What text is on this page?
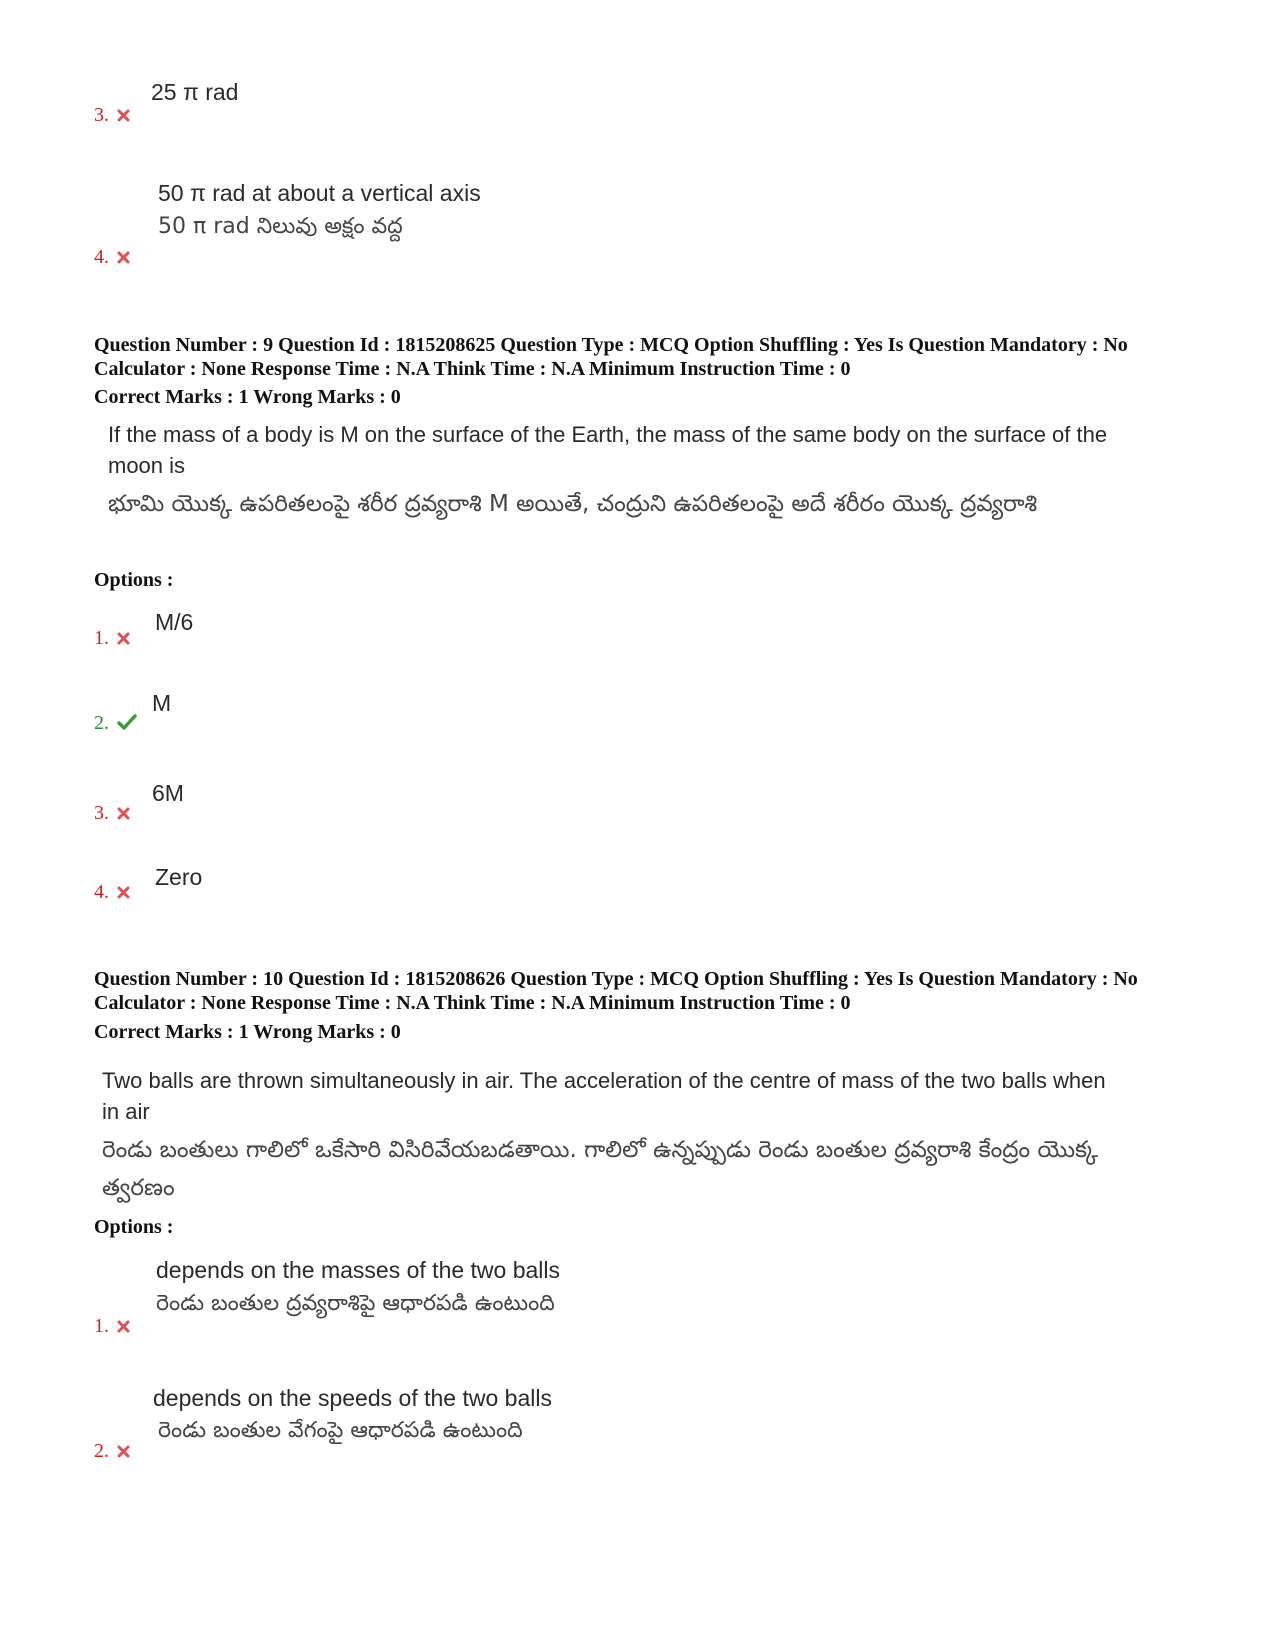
25 π rad
3.
50 π rad at about a vertical axis
50 π rad నిలువు అక్షం వద్ద
4.
Question Number : 9 Question Id : 1815208625 Question Type : MCQ Option Shuffling : Yes Is Question Mandatory : No Calculator : None Response Time : N.A Think Time : N.A Minimum Instruction Time : 0
Correct Marks : 1 Wrong Marks : 0
If the mass of a body is M on the surface of the Earth, the mass of the same body on the surface of the moon is
భూమి యొక్క ఉపరితలంపై శరీర ద్రవ్యరాశి M అయితే, చంద్రుని ఉపరితలంపై అదే శరీరం యొక్క ద్రవ్యరాశి
Options :
M/6
1.
M
2.
6M
3.
Zero
4.
Question Number : 10 Question Id : 1815208626 Question Type : MCQ Option Shuffling : Yes Is Question Mandatory : No Calculator : None Response Time : N.A Think Time : N.A Minimum Instruction Time : 0
Correct Marks : 1 Wrong Marks : 0
Two balls are thrown simultaneously in air. The acceleration of the centre of mass of the two balls when in air
రెండు బంతులు గాలిలో ఒకేసారి విసిరివేయబడతాయి. గాలిలో ఉన్నప్పుడు రెండు బంతుల ద్రవ్యరాశి కేంద్రం యొక్క త్వరణం
Options :
depends on the masses of the two balls
రెండు బంతుల ద్రవ్యరాశిపై ఆధారపడి ఉంటుంది
1.
depends on the speeds of the two balls
రెండు బంతుల వేగంపై ఆధారపడి ఉంటుంది
2.
